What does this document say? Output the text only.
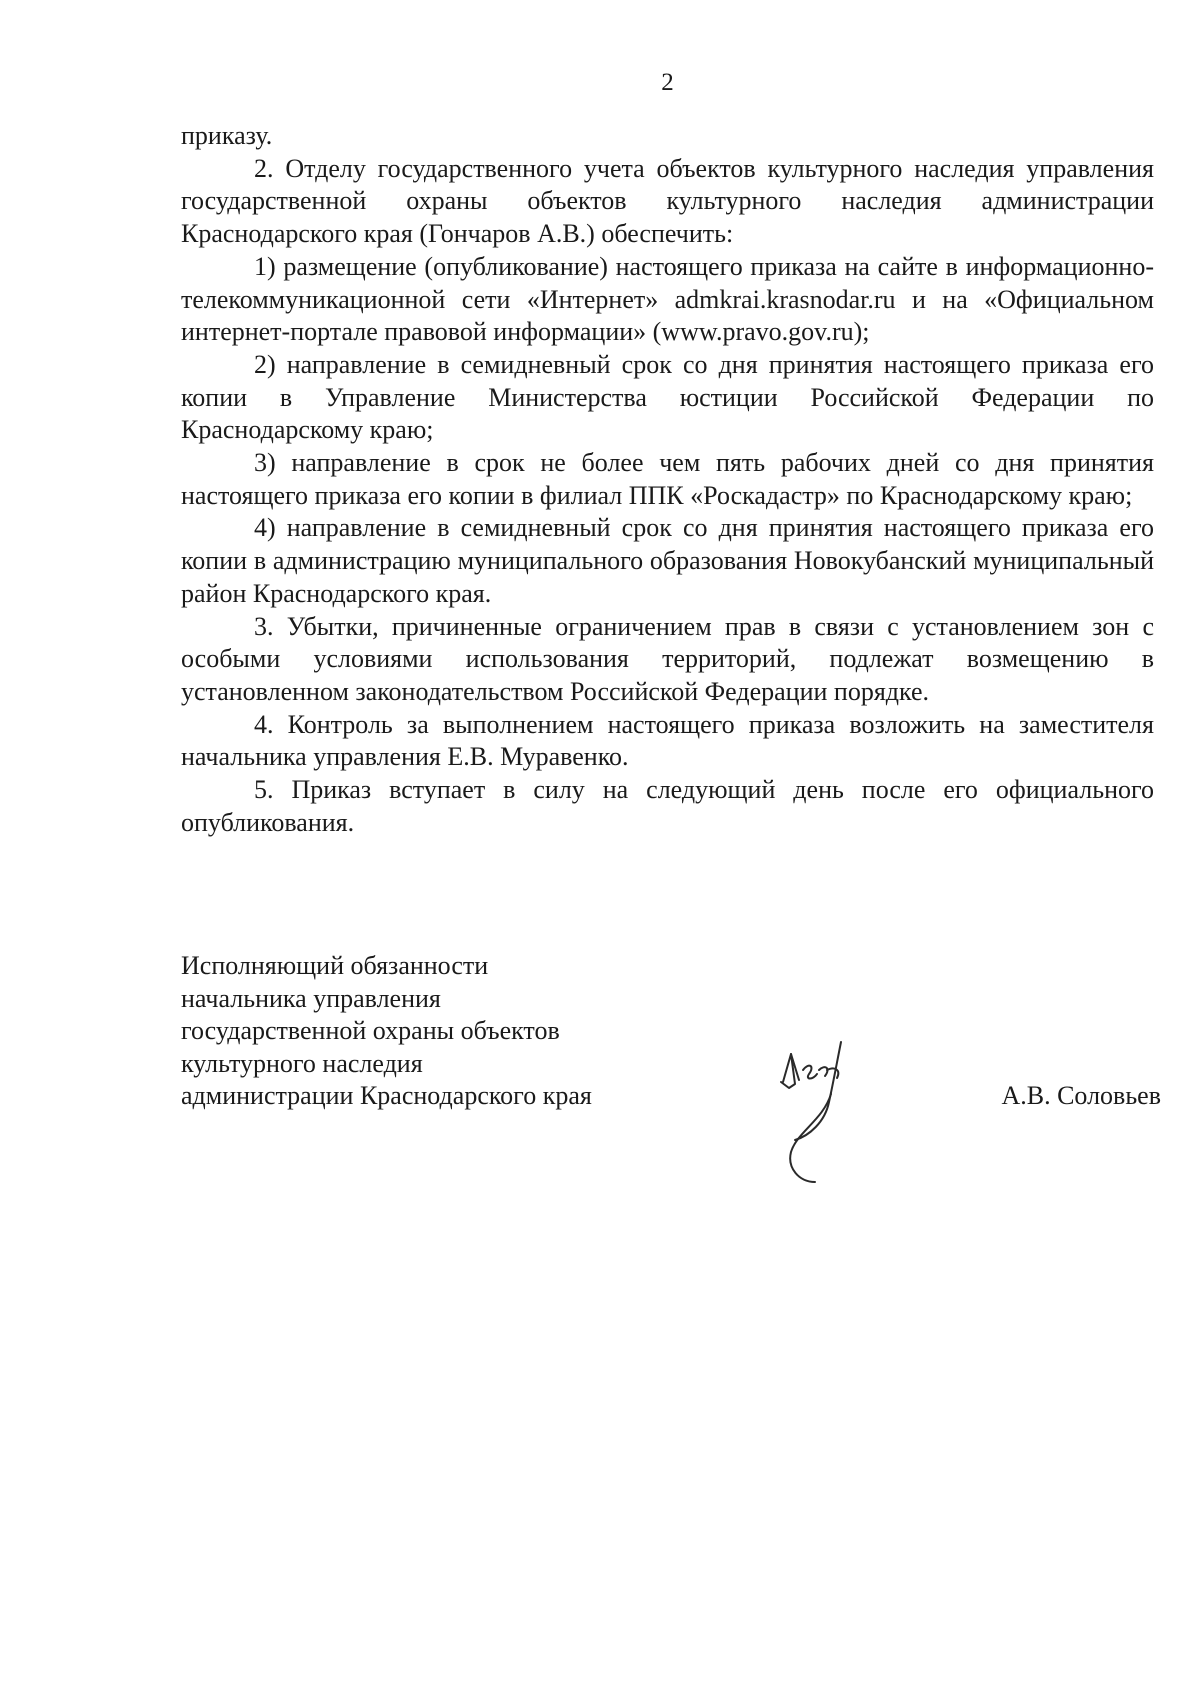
2

приказу.

2. Отделу государственного учета объектов культурного наследия управления государственной охраны объектов культурного наследия администрации Краснодарского края (Гончаров А.В.) обеспечить:

1) размещение (опубликование) настоящего приказа на сайте в информационно-телекоммуникационной сети «Интернет» admkrai.krasnodar.ru и на «Официальном интернет-портале правовой информации» (www.pravo.gov.ru);

2) направление в семидневный срок со дня принятия настоящего приказа его копии в Управление Министерства юстиции Российской Федерации по Краснодарскому краю;

3) направление в срок не более чем пять рабочих дней со дня принятия настоящего приказа его копии в филиал ППК «Роскадастр» по Краснодарскому краю;

4) направление в семидневный срок со дня принятия настоящего приказа его копии в администрацию муниципального образования Новокубанский муниципальный район Краснодарского края.

3. Убытки, причиненные ограничением прав в связи с установлением зон с особыми условиями использования территорий, подлежат возмещению в установленном законодательством Российской Федерации порядке.

4. Контроль за выполнением настоящего приказа возложить на заместителя начальника управления Е.В. Муравенко.

5. Приказ вступает в силу на следующий день после его официального опубликования.

Исполняющий обязанности
начальника управления
государственной охраны объектов
культурного наследия
администрации Краснодарского края	А.В. Соловьев
